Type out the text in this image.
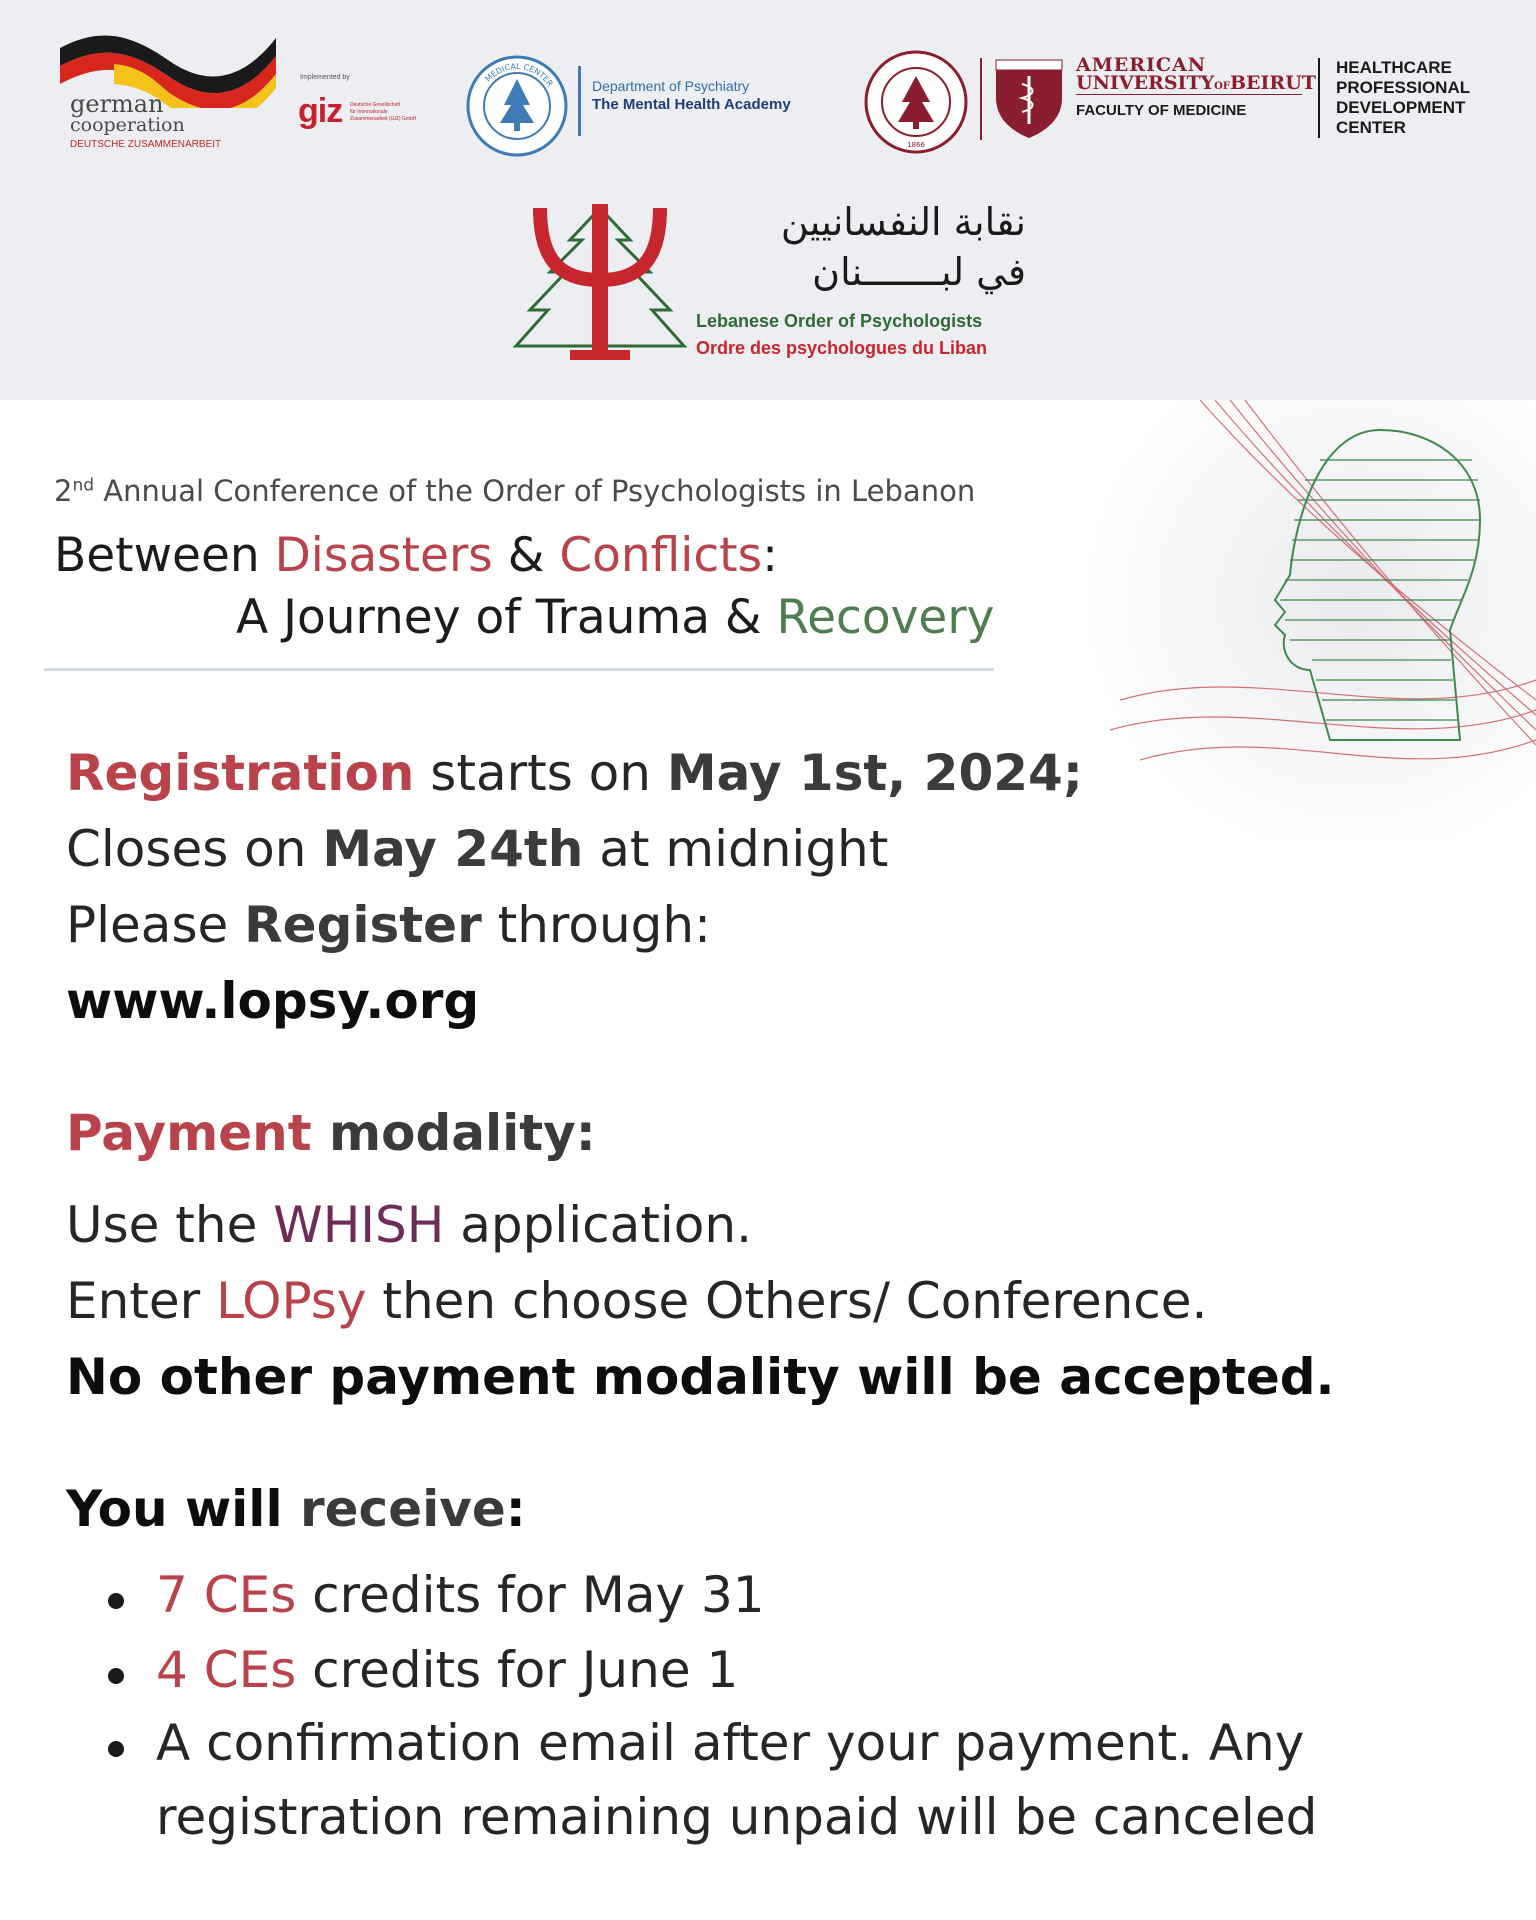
german
cooperation
DEUTSCHE ZUSAMMENARBEIT
Implemented by
giz Deutsche Gesellschaft
für Internationale
Zusammenarbeit (GIZ) GmbH
MEDICAL CENTER	Department of Psychiatry
The Mental Health Academy
1866
AMERICAN
UNIVERSITYOFBEIRUT
FACULTY OF MEDICINE
HEALTHCARE
PROFESSIONAL
DEVELOPMENT
CENTER
نقابة النفسانيين
في لبـــــــنان
Lebanese Order of Psychologists
Ordre des psychologues du Liban
2nd Annual Conference of the Order of Psychologists in Lebanon
Between Disasters & Conflicts:
A Journey of Trauma & Recovery
Registration starts on May 1st, 2024;
Closes on May 24th at midnight
Please Register through:
www.lopsy.org
Payment modality:
Use the WHISH application.
Enter LOPsy then choose Others/ Conference.
No other payment modality will be accepted.
You will receive:
7 CEs credits for May 31
4 CEs credits for June 1
A confirmation email after your payment. Any
registration remaining unpaid will be canceled
